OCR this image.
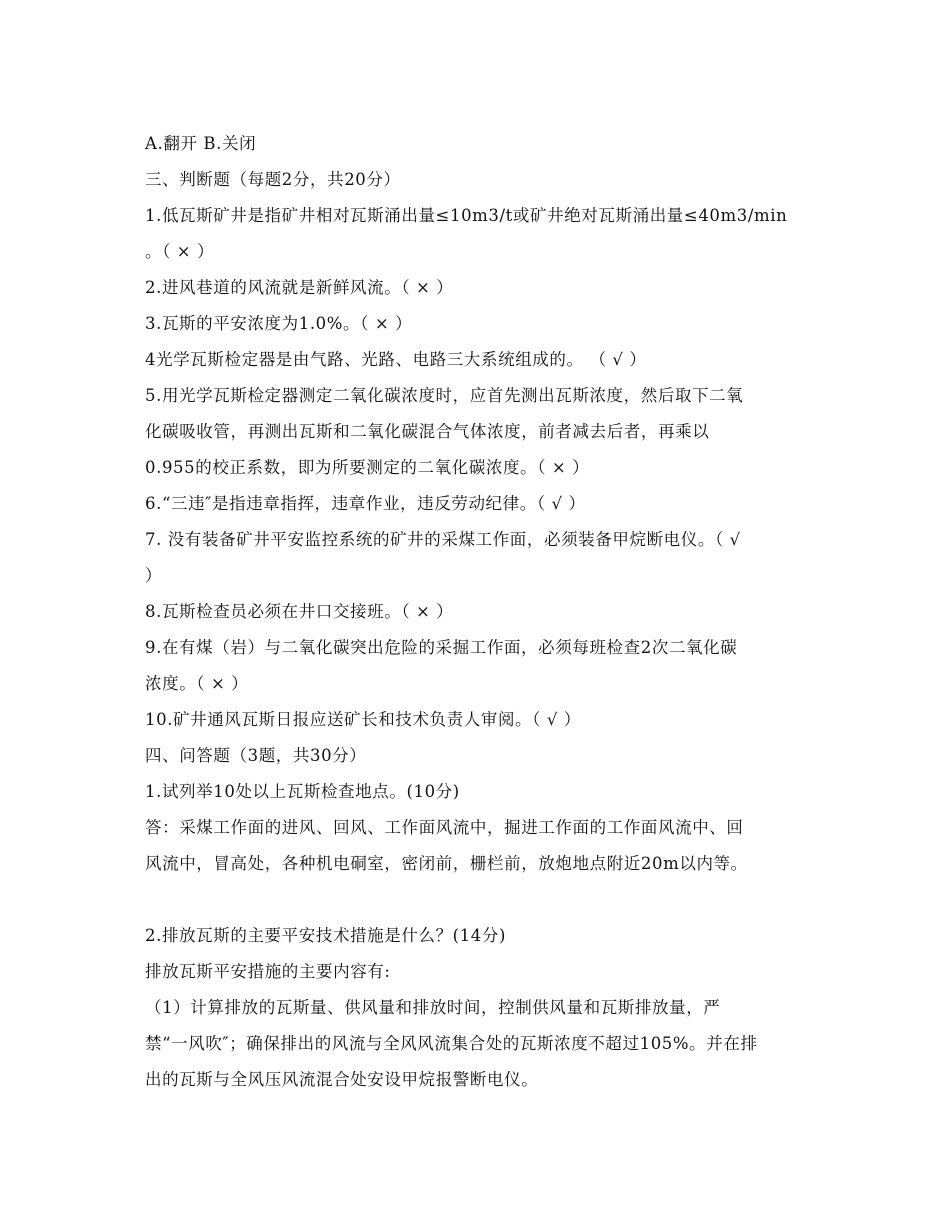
A.翻开 B.关闭
三、判断题（每题2分，共20分）
1.低瓦斯矿井是指矿井相对瓦斯涌出量≤10m3/t或矿井绝对瓦斯涌出量≤40m3/min
。（ × ）
2.进风巷道的风流就是新鲜风流。（ × ）
3.瓦斯的平安浓度为1.0%。（ × ）
4光学瓦斯检定器是由气路、光路、电路三大系统组成的。 （ √ ）
5.用光学瓦斯检定器测定二氧化碳浓度时，应首先测出瓦斯浓度，然后取下二氧
化碳吸收管，再测出瓦斯和二氧化碳混合气体浓度，前者减去后者，再乘以
0.955的校正系数，即为所要测定的二氧化碳浓度。（ × ）
6.“三违″是指违章指挥，违章作业，违反劳动纪律。（ √ ）
7. 没有装备矿井平安监控系统的矿井的采煤工作面，必须装备甲烷断电仪。（ √
）
8.瓦斯检查员必须在井口交接班。（ × ）
9.在有煤（岩）与二氧化碳突出危险的采掘工作面，必须每班检查2次二氧化碳
浓度。（ × ）
10.矿井通风瓦斯日报应送矿长和技术负责人审阅。（ √ ）
四、问答题（3题，共30分）
1.试列举10处以上瓦斯检查地点。(10分)
答：采煤工作面的进风、回风、工作面风流中，掘进工作面的工作面风流中、回
风流中，冒高处，各种机电硐室，密闭前，栅栏前，放炮地点附近20m以内等。
2.排放瓦斯的主要平安技术措施是什么？(14分)
排放瓦斯平安措施的主要内容有:
（1）计算排放的瓦斯量、供风量和排放时间，控制供风量和瓦斯排放量，严
禁“一风吹″；确保排出的风流与全风风流集合处的瓦斯浓度不超过105%。并在排
出的瓦斯与全风压风流混合处安设甲烷报警断电仪。
